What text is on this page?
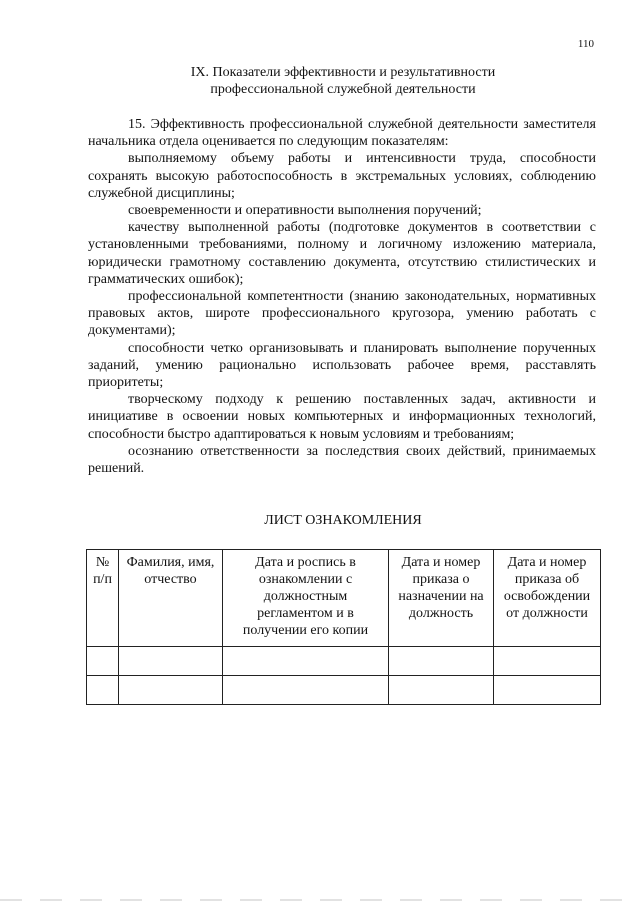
110
IX. Показатели эффективности и результативности
профессиональной служебной деятельности

15. Эффективность профессиональной служебной деятельности заместителя начальника отдела оценивается по следующим показателям:

выполняемому объему работы и интенсивности труда, способности сохранять высокую работоспособность в экстремальных условиях, соблюдению служебной дисциплины;

своевременности и оперативности выполнения поручений;

качеству выполненной работы (подготовке документов в соответствии с установленными требованиями, полному и логичному изложению материала, юридически грамотному составлению документа, отсутствию стилистических и грамматических ошибок);

профессиональной компетентности (знанию законодательных, нормативных правовых актов, широте профессионального кругозора, умению работать с документами);

способности четко организовывать и планировать выполнение порученных заданий, умению рационально использовать рабочее время, расставлять приоритеты;

творческому подходу к решению поставленных задач, активности и инициативе в освоении новых компьютерных и информационных технологий, способности быстро адаптироваться к новым условиям и требованиям;

осознанию ответственности за последствия своих действий, принимаемых решений.

ЛИСТ ОЗНАКОМЛЕНИЯ
№ п/п	Фамилия, имя, отчество	Дата и роспись в ознакомлении с должностным регламентом и в получении его копии	Дата и номер приказа о назначении на должность	Дата и номер приказа об освобождении от должности
